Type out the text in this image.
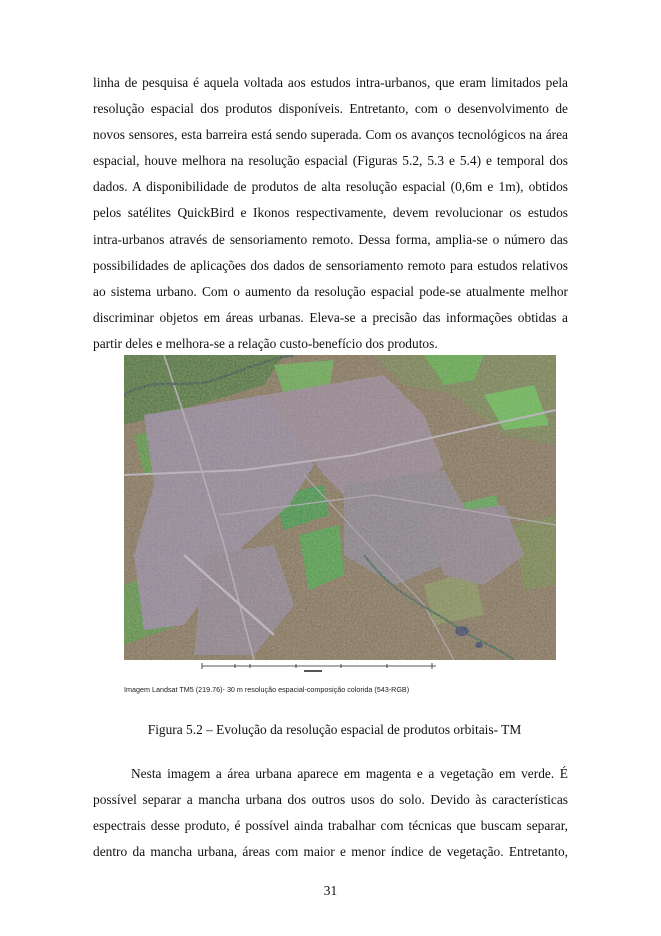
linha de pesquisa é aquela voltada aos estudos intra-urbanos, que eram limitados pela
resolução espacial dos produtos disponíveis. Entretanto, com o desenvolvimento de
novos sensores, esta barreira está sendo superada. Com os avanços tecnológicos na área
espacial, houve melhora na resolução espacial (Figuras 5.2, 5.3 e 5.4) e temporal dos
dados. A disponibilidade de produtos de alta resolução espacial (0,6m e 1m), obtidos
pelos satélites QuickBird e Ikonos respectivamente, devem revolucionar os estudos
intra-urbanos através de sensoriamento remoto. Dessa forma, amplia-se o número das
possibilidades de aplicações dos dados de sensoriamento remoto para estudos relativos
ao sistema urbano. Com o aumento da resolução espacial pode-se atualmente melhor
discriminar objetos em áreas urbanas. Eleva-se a precisão das informações obtidas a
partir deles e melhora-se a relação custo-benefício dos produtos.
Imagem Landsat TM5 (219.76)- 30 m resolução espacial-composição colorida (543-RGB)
Figura 5.2 – Evolução da resolução espacial de produtos orbitais- TM
Nesta imagem a área urbana aparece em magenta e a vegetação em verde. É
possível separar a mancha urbana dos outros usos do solo. Devido às características
espectrais desse produto, é possível ainda trabalhar com técnicas que buscam separar,
dentro da mancha urbana, áreas com maior e menor índice de vegetação. Entretanto,
31
